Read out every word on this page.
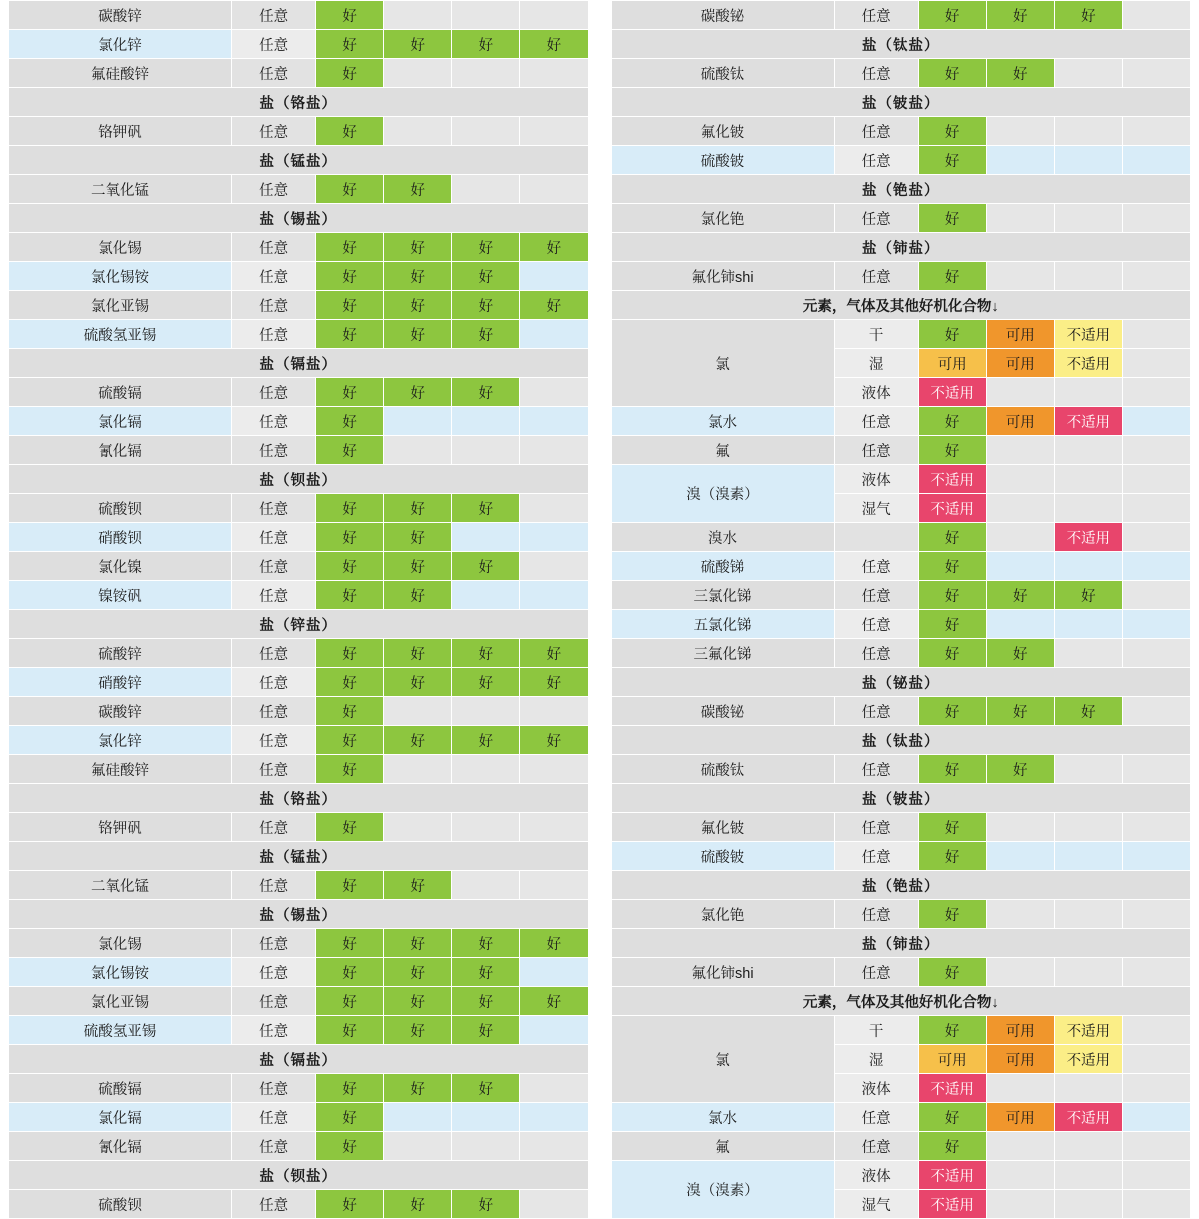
碳酸锌	任意	好			
氯化锌	任意	好	好	好	好
氟硅酸锌	任意	好			
盐（铬盐）					
铬钾矾	任意	好			
盐（锰盐）					
二氧化锰	任意	好	好		
盐（锡盐）					
氯化锡	任意	好	好	好	好
氯化锡铵	任意	好	好	好	
氯化亚锡	任意	好	好	好	好
硫酸氢亚锡	任意	好	好	好	
盐（镉盐）					
硫酸镉	任意	好	好	好	
氯化镉	任意	好			
氰化镉	任意	好			
盐（钡盐）					
硫酸钡	任意	好	好	好	
硝酸钡	任意	好	好		
氯化镍	任意	好	好	好	
镍铵矾	任意	好	好		
盐（锌盐）					
硫酸锌	任意	好	好	好	好
硝酸锌	任意	好	好	好	好
碳酸锌	任意	好			
氯化锌	任意	好	好	好	好
氟硅酸锌	任意	好			
盐（铬盐）					
铬钾矾	任意	好			
盐（锰盐）					
二氧化锰	任意	好	好		
盐（锡盐）					
氯化锡	任意	好	好	好	好
氯化锡铵	任意	好	好	好	
氯化亚锡	任意	好	好	好	好
硫酸氢亚锡	任意	好	好	好	
盐（镉盐）					
硫酸镉	任意	好	好	好	
氯化镉	任意	好			
氰化镉	任意	好			
盐（钡盐）					
硫酸钡	任意	好	好	好	
碳酸铋	任意	好	好	好	
盐（钛盐）					
硫酸钛	任意	好	好		
盐（铍盐）					
氟化铍	任意	好			
硫酸铍	任意	好			
盐（铯盐）					
氯化铯	任意	好			
盐（铈盐）					
氟化铈shi	任意	好			
元素，气体及其他好机化合物↓					
氯	干	好	可用	不适用	
	湿	可用	可用	不适用	
	液体	不适用			
氯水	任意	好	可用	不适用	
氟	任意	好			
溴（溴素）	液体	不适用			
	湿气	不适用			
溴水		好		不适用	
硫酸锑	任意	好			
三氯化锑	任意	好	好	好	
五氯化锑	任意	好			
三氟化锑	任意	好	好		
盐（铋盐）					
碳酸铋	任意	好	好	好	
盐（钛盐）					
硫酸钛	任意	好	好		
盐（铍盐）					
氟化铍	任意	好			
硫酸铍	任意	好			
盐（铯盐）					
氯化铯	任意	好			
盐（铈盐）					
氟化铈shi	任意	好			
元素，气体及其他好机化合物↓					
氯	干	好	可用	不适用	
	湿	可用	可用	不适用	
	液体	不适用			
氯水	任意	好	可用	不适用	
氟	任意	好			
溴（溴素）	液体	不适用			
	湿气	不适用			
